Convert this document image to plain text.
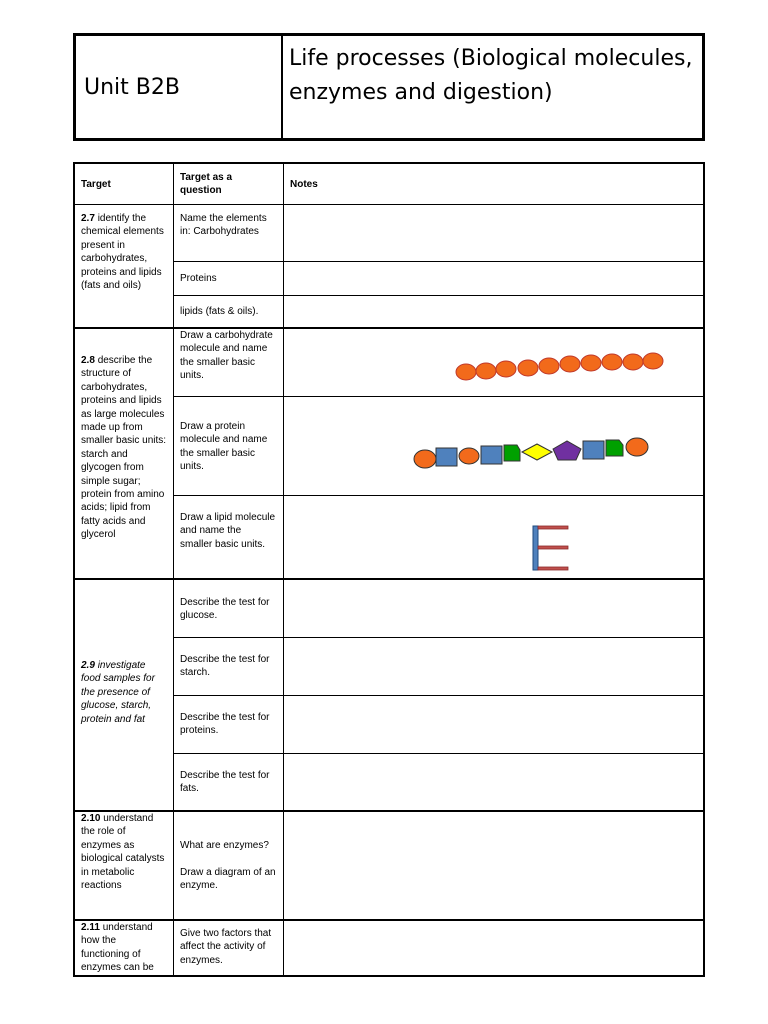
Unit B2B
Life processes (Biological molecules, enzymes and digestion)
Target
Target as a question
Notes
2.7 identify the chemical elements present in carbohydrates, proteins and lipids (fats and oils)
Name the elements in: Carbohydrates
Proteins
lipids (fats & oils).
2.8 describe the structure of carbohydrates, proteins and lipids as large molecules made up from smaller basic units: starch and glycogen from simple sugar; protein from amino acids; lipid from fatty acids and glycerol
Draw a carbohydrate molecule and name the smaller basic units.
Draw a protein molecule and name the smaller basic units.
Draw a lipid molecule and name the smaller basic units.
2.9 investigate food samples for the presence of glucose, starch, protein and fat
Describe the test for glucose.
Describe the test for starch.
Describe the test for proteins.
Describe the test for fats.
2.10 understand the role of enzymes as biological catalysts in metabolic reactions
What are enzymes?
Draw a diagram of an enzyme.
2.11 understand how the functioning of enzymes can be
Give two factors that affect the activity of enzymes.
